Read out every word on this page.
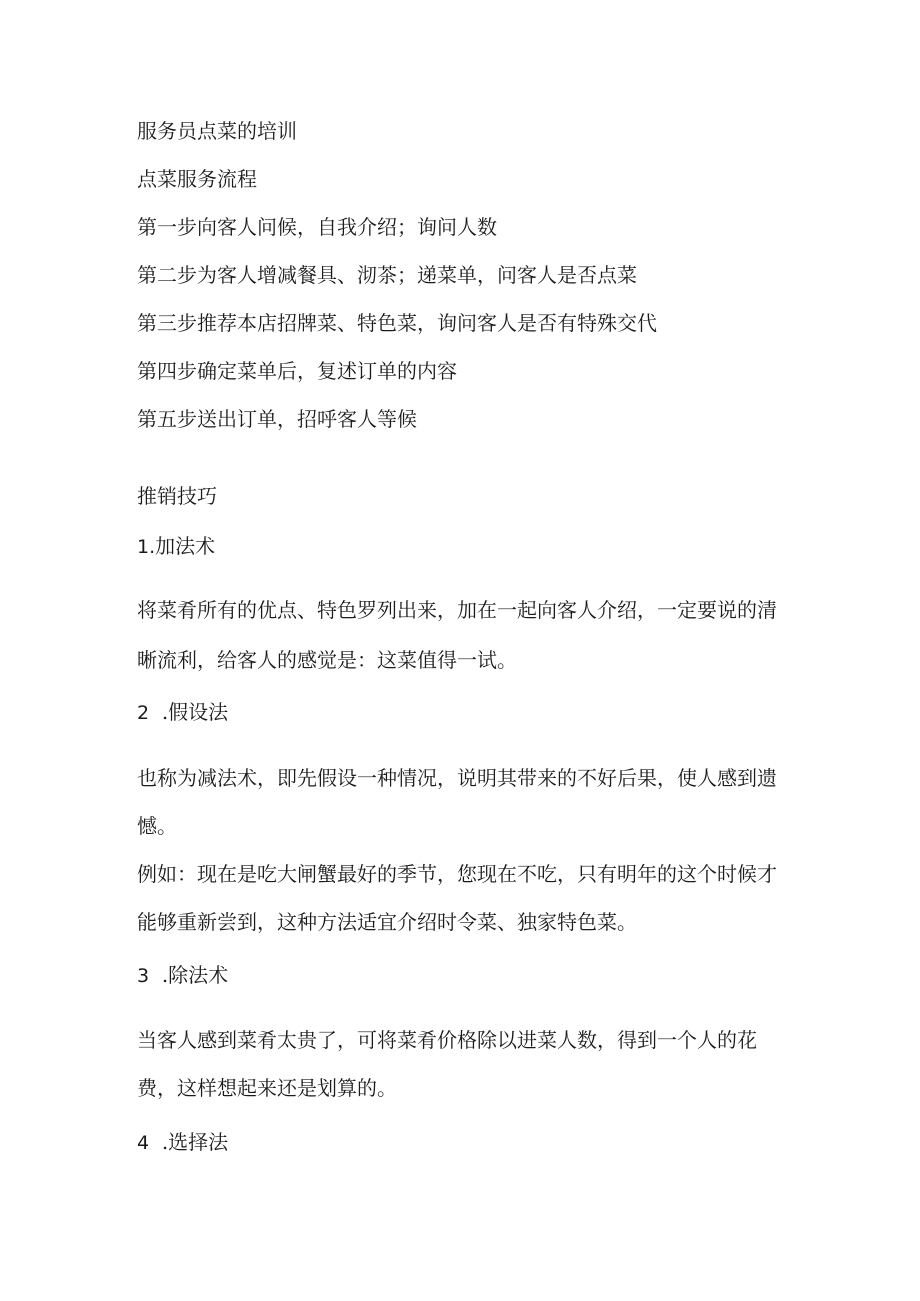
服务员点菜的培训
点菜服务流程
第一步向客人问候，自我介绍；询问人数
第二步为客人增减餐具、沏茶；递菜单，问客人是否点菜
第三步推荐本店招牌菜、特色菜，询问客人是否有特殊交代
第四步确定菜单后，复述订单的内容
第五步送出订单，招呼客人等候
推销技巧
1.加法术
将菜肴所有的优点、特色罗列出来，加在一起向客人介绍，一定要说的清
晰流利，给客人的感觉是：这菜值得一试。
2 .假设法
也称为减法术，即先假设一种情况，说明其带来的不好后果，使人感到遗
憾。
例如：现在是吃大闸蟹最好的季节，您现在不吃，只有明年的这个时候才
能够重新尝到，这种方法适宜介绍时令菜、独家特色菜。
3 .除法术
当客人感到菜肴太贵了，可将菜肴价格除以进菜人数，得到一个人的花
费，这样想起来还是划算的。
4 .选择法
